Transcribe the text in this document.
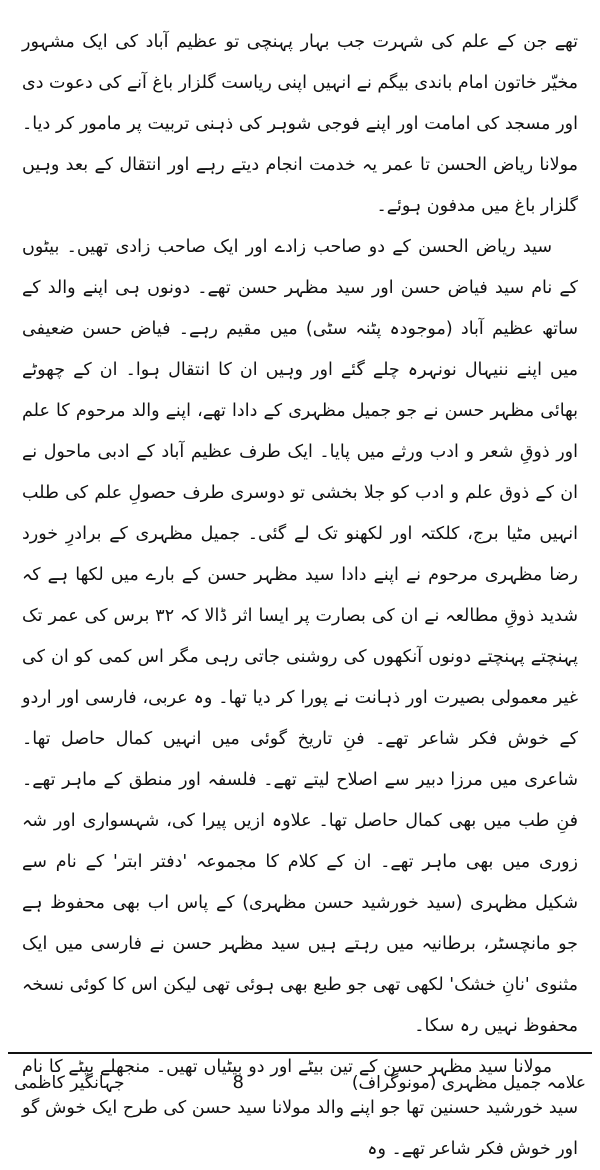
تھے جن کے علم کی شہرت جب بہار پہنچی تو عظیم آباد کی ایک مشہور مخیّر خاتون امام باندی بیگم نے انہیں اپنی ریاست گلزار باغ آنے کی دعوت دی اور مسجد کی امامت اور اپنے فوجی شوہر کی ذہنی تربیت پر مامور کر دیا۔ مولانا ریاض الحسن تا عمر یہ خدمت انجام دیتے رہے اور انتقال کے بعد وہیں گلزار باغ میں مدفون ہوئے۔

سید ریاض الحسن کے دو صاحب زادے اور ایک صاحب زادی تھیں۔ بیٹوں کے نام سید فیاض حسن اور سید مظہر حسن تھے۔ دونوں ہی اپنے والد کے ساتھ عظیم آباد (موجودہ پٹنہ سٹی) میں مقیم رہے۔ فیاض حسن ضعیفی میں اپنے ننیہال نونہرہ چلے گئے اور وہیں ان کا انتقال ہوا۔ ان کے چھوٹے بھائی مظہر حسن نے جو جمیل مظہری کے دادا تھے، اپنے والد مرحوم کا علم اور ذوقِ شعر و ادب ورثے میں پایا۔ ایک طرف عظیم آباد کے ادبی ماحول نے ان کے ذوق علم و ادب کو جلا بخشی تو دوسری طرف حصولِ علم کی طلب انہیں مٹیا برج، کلکتہ اور لکھنو تک لے گئی۔ جمیل مظہری کے برادرِ خورد رضا مظہری مرحوم نے اپنے دادا سید مظہر حسن کے بارے میں لکھا ہے کہ شدید ذوقِ مطالعہ نے ان کی بصارت پر ایسا اثر ڈالا کہ ۳۲ برس کی عمر تک پہنچتے پہنچتے دونوں آنکھوں کی روشنی جاتی رہی مگر اس کمی کو ان کی غیر معمولی بصیرت اور ذہانت نے پورا کر دیا تھا۔ وہ عربی، فارسی اور اردو کے خوش فکر شاعر تھے۔ فنِ تاریخ گوئی میں انہیں کمال حاصل تھا۔ شاعری میں مرزا دبیر سے اصلاح لیتے تھے۔ فلسفہ اور منطق کے ماہر تھے۔ فنِ طب میں بھی کمال حاصل تھا۔ علاوہ ازیں پیرا کی، شہسواری اور شہ زوری میں بھی ماہر تھے۔ ان کے کلام کا مجموعہ 'دفتر ابتر' کے نام سے شکیل مظہری (سید خورشید حسن مظہری) کے پاس اب بھی محفوظ ہے جو مانچسٹر، برطانیہ میں رہتے ہیں سید مظہر حسن نے فارسی میں ایک مثنوی 'نانِ خشک' لکھی تھی جو طبع بھی ہوئی تھی لیکن اس کا کوئی نسخہ محفوظ نہیں رہ سکا۔

مولانا سید مظہر حسن کے تین بیٹے اور دو بیٹیاں تھیں۔ منجھلے بیٹے کا نام سید خورشید حسنین تھا جو اپنے والد مولانا سید حسن کی طرح ایک خوش گو اور خوش فکر شاعر تھے۔ وہ

علامہ جمیل مظہری (مونوگراف)
8
جہانگیر کاظمی
